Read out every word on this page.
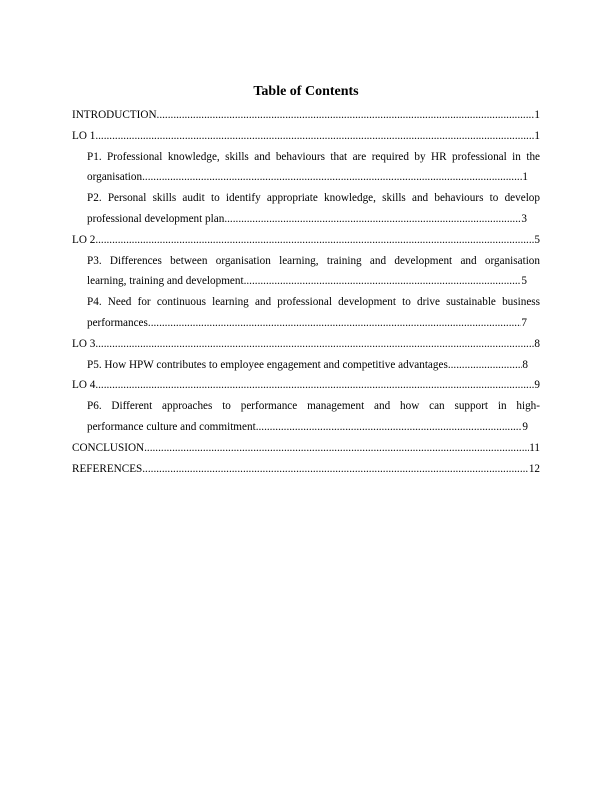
Table of Contents
INTRODUCTION .....	1
LO 1 .....	1
P1. Professional knowledge, skills and behaviours that are required by HR professional in the
organisation .....	1
P2. Personal skills audit to identify appropriate knowledge, skills and behaviours to develop
professional development plan .....	3
LO 2 .....	5
P3. Differences between organisation learning, training and development and organisation
learning, training and development .....	5
P4. Need for continuous learning and professional development to drive sustainable business
performances .....	7
LO 3 .....	8
P5. How HPW contributes to employee engagement and competitive advantages .....	8
LO 4 .....	9
P6. Different approaches to performance management and how can support in high-
performance culture and commitment .....	9
CONCLUSION .....	11
REFERENCES .....	12
